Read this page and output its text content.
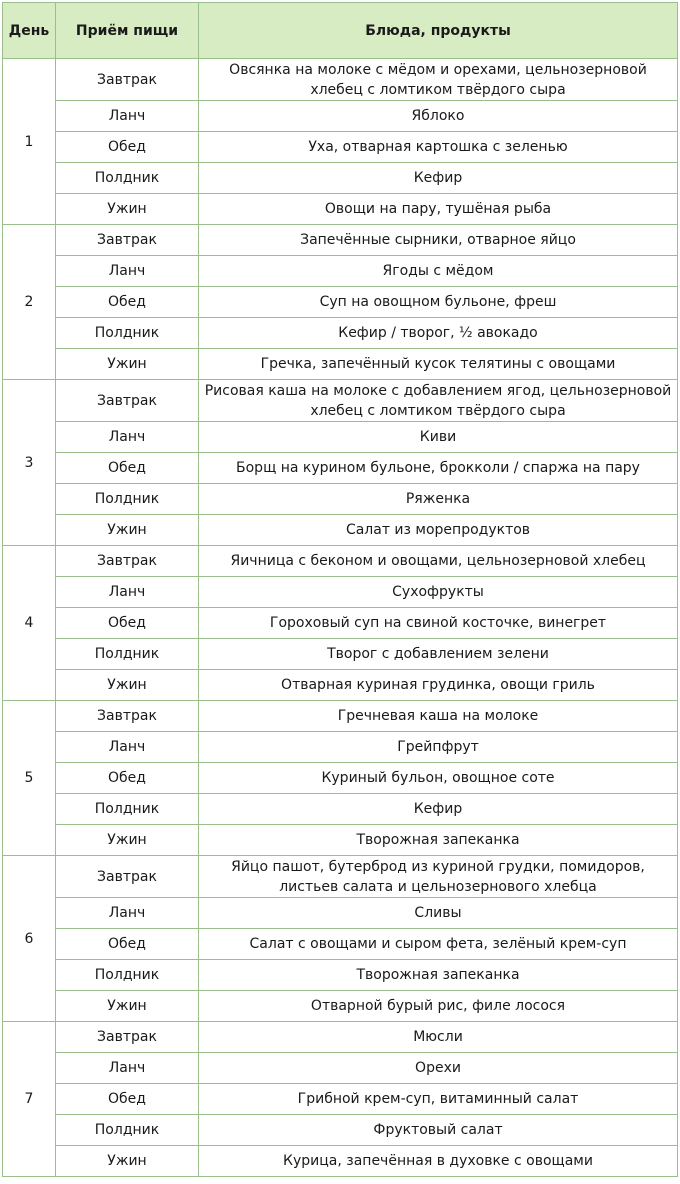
День	Приём пищи	Блюда, продукты
1	Завтрак	Овсянка на молоке с мёдом и орехами, цельнозерновой хлебец с ломтиком твёрдого сыра
	Ланч	Яблоко
	Обед	Уха, отварная картошка с зеленью
	Полдник	Кефир
	Ужин	Овощи на пару, тушёная рыба
2	Завтрак	Запечённые сырники, отварное яйцо
	Ланч	Ягоды с мёдом
	Обед	Суп на овощном бульоне, фреш
	Полдник	Кефир / творог, ½ авокадо
	Ужин	Гречка, запечённый кусок телятины с овощами
3	Завтрак	Рисовая каша на молоке с добавлением ягод, цельнозерновой хлебец с ломтиком твёрдого сыра
	Ланч	Киви
	Обед	Борщ на курином бульоне, брокколи / спаржа на пару
	Полдник	Ряженка
	Ужин	Салат из морепродуктов
4	Завтрак	Яичница с беконом и овощами, цельнозерновой хлебец
	Ланч	Сухофрукты
	Обед	Гороховый суп на свиной косточке, винегрет
	Полдник	Творог с добавлением зелени
	Ужин	Отварная куриная грудинка, овощи гриль
5	Завтрак	Гречневая каша на молоке
	Ланч	Грейпфрут
	Обед	Куриный бульон, овощное соте
	Полдник	Кефир
	Ужин	Творожная запеканка
6	Завтрак	Яйцо пашот, бутерброд из куриной грудки, помидоров, листьев салата и цельнозернового хлебца
	Ланч	Сливы
	Обед	Салат с овощами и сыром фета, зелёный крем-суп
	Полдник	Творожная запеканка
	Ужин	Отварной бурый рис, филе лосося
7	Завтрак	Мюсли
	Ланч	Орехи
	Обед	Грибной крем-суп, витаминный салат
	Полдник	Фруктовый салат
	Ужин	Курица, запечённая в духовке с овощами
